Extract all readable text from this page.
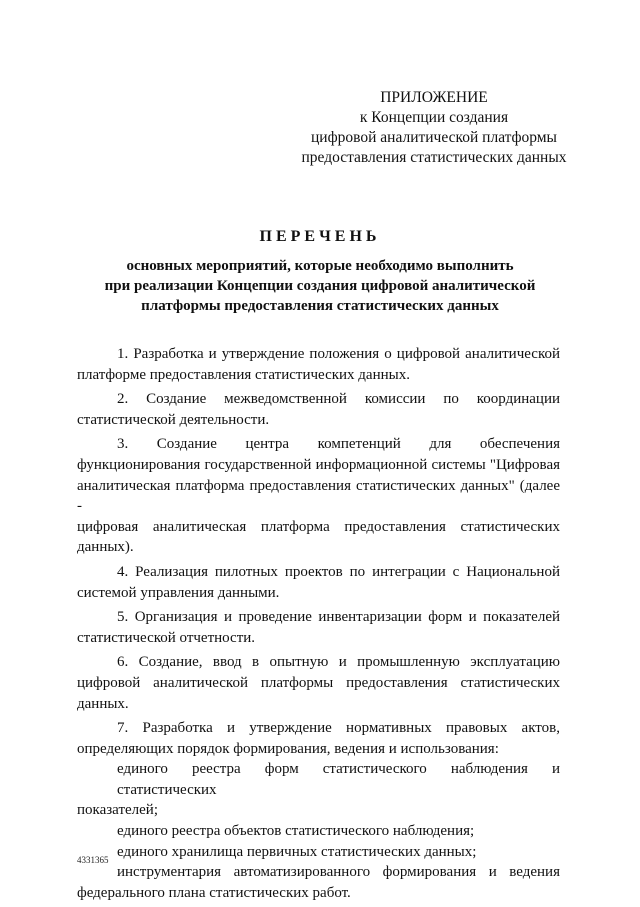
ПРИЛОЖЕНИЕ
к Концепции создания
цифровой аналитической платформы
предоставления статистических данных
ПЕРЕЧЕНЬ
основных мероприятий, которые необходимо выполнить
при реализации Концепции создания цифровой аналитической
платформы предоставления статистических данных
1. Разработка и утверждение положения о цифровой аналитической
платформе предоставления статистических данных.
2. Создание межведомственной комиссии по координации
статистической деятельности.
3. Создание центра компетенций для обеспечения
функционирования государственной информационной системы "Цифровая
аналитическая платформа предоставления статистических данных" (далее -
цифровая аналитическая платформа предоставления статистических
данных).
4. Реализация пилотных проектов по интеграции с Национальной
системой управления данными.
5. Организация и проведение инвентаризации форм и показателей
статистической отчетности.
6. Создание, ввод в опытную и промышленную эксплуатацию
цифровой аналитической платформы предоставления статистических
данных.
7. Разработка и утверждение нормативных правовых актов,
определяющих порядок формирования, ведения и использования:
единого реестра форм статистического наблюдения и статистических
показателей;
единого реестра объектов статистического наблюдения;
единого хранилища первичных статистических данных;
инструментария автоматизированного формирования и ведения
федерального плана статистических работ.
4331365
